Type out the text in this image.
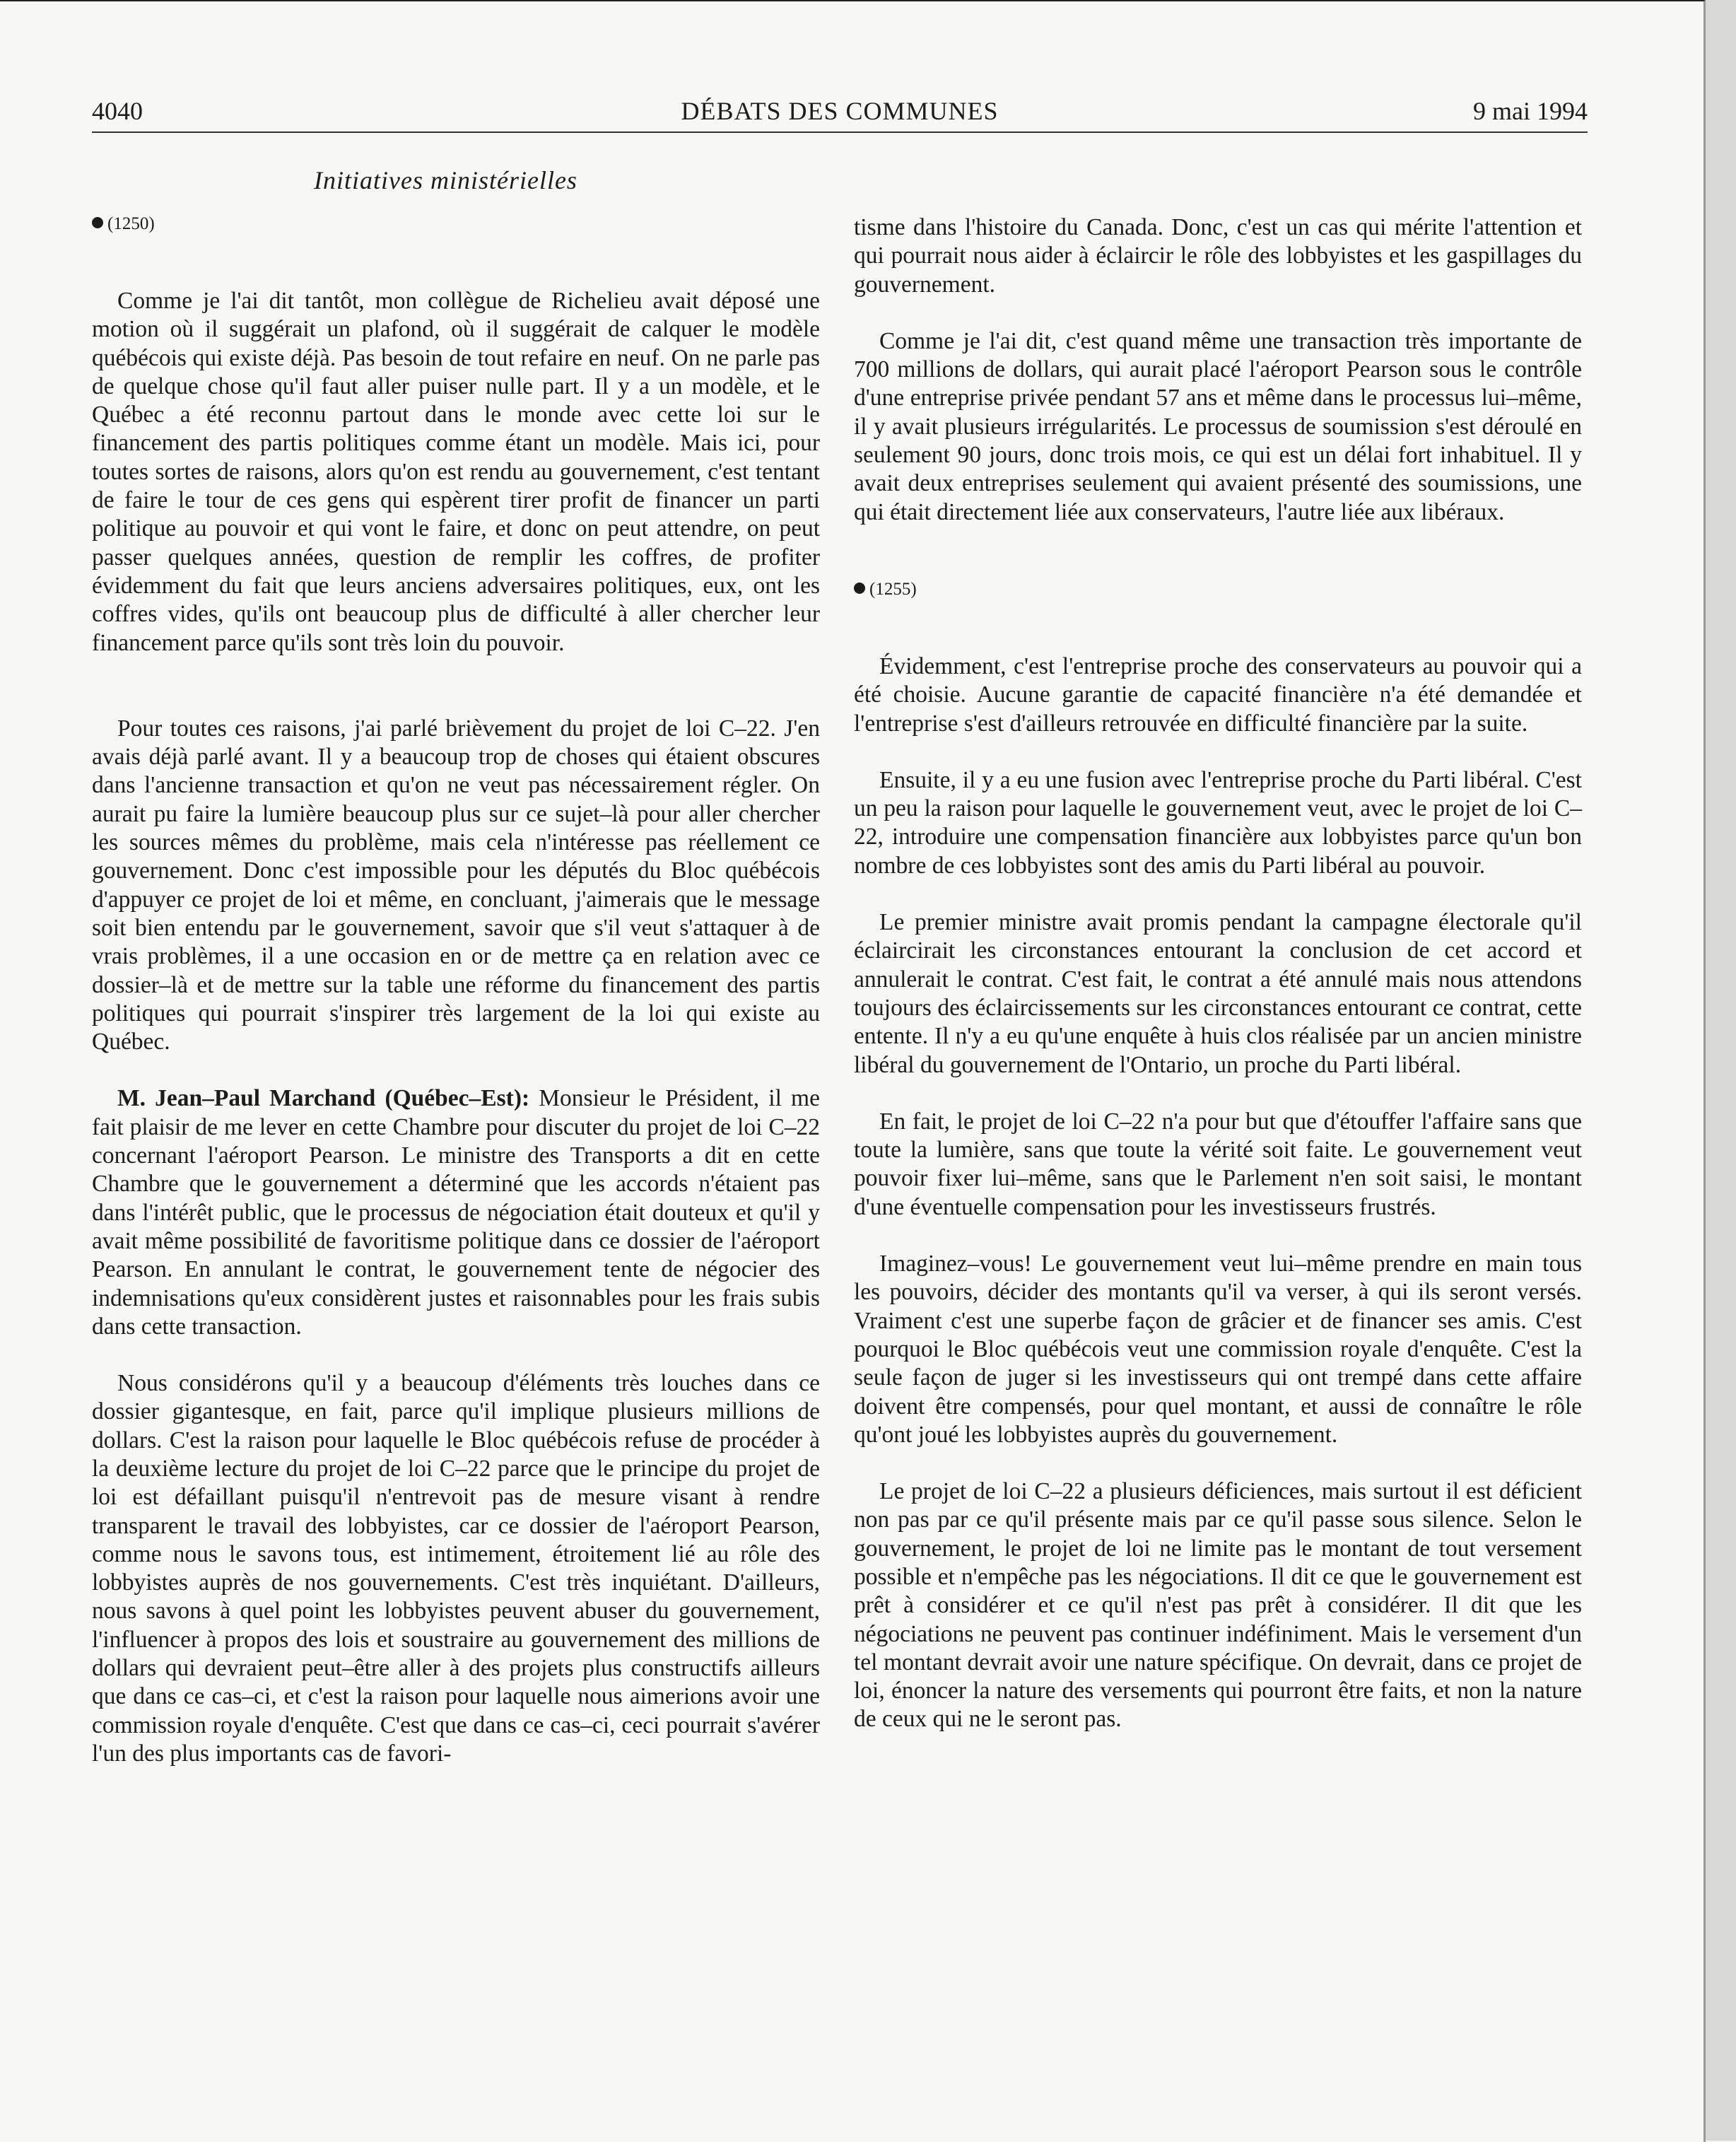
4040	DÉBATS DES COMMUNES	9 mai 1994
Initiatives ministérielles
(1250)

Comme je l'ai dit tantôt, mon collègue de Richelieu avait déposé une motion où il suggérait un plafond, où il suggérait de calquer le modèle québécois qui existe déjà. Pas besoin de tout refaire en neuf. On ne parle pas de quelque chose qu'il faut aller puiser nulle part. Il y a un modèle, et le Québec a été reconnu partout dans le monde avec cette loi sur le financement des partis politiques comme étant un modèle. Mais ici, pour toutes sortes de raisons, alors qu'on est rendu au gouvernement, c'est tentant de faire le tour de ces gens qui espèrent tirer profit de financer un parti politique au pouvoir et qui vont le faire, et donc on peut attendre, on peut passer quelques années, question de remplir les coffres, de profiter évidemment du fait que leurs anciens adversaires politiques, eux, ont les coffres vides, qu'ils ont beaucoup plus de difficulté à aller chercher leur financement parce qu'ils sont très loin du pouvoir.

Pour toutes ces raisons, j'ai parlé brièvement du projet de loi C–22. J'en avais déjà parlé avant. Il y a beaucoup trop de choses qui étaient obscures dans l'ancienne transaction et qu'on ne veut pas nécessairement régler. On aurait pu faire la lumière beaucoup plus sur ce sujet–là pour aller chercher les sources mêmes du problème, mais cela n'intéresse pas réellement ce gouvernement. Donc c'est impossible pour les députés du Bloc québécois d'appuyer ce projet de loi et même, en concluant, j'aimerais que le message soit bien entendu par le gouvernement, savoir que s'il veut s'attaquer à de vrais problèmes, il a une occasion en or de mettre ça en relation avec ce dossier–là et de mettre sur la table une réforme du financement des partis politiques qui pourrait s'inspirer très largement de la loi qui existe au Québec.

M. Jean–Paul Marchand (Québec–Est): Monsieur le Président, il me fait plaisir de me lever en cette Chambre pour discuter du projet de loi C–22 concernant l'aéroport Pearson. Le ministre des Transports a dit en cette Chambre que le gouvernement a déterminé que les accords n'étaient pas dans l'intérêt public, que le processus de négociation était douteux et qu'il y avait même possibilité de favoritisme politique dans ce dossier de l'aéroport Pearson. En annulant le contrat, le gouvernement tente de négocier des indemnisations qu'eux considèrent justes et raisonnables pour les frais subis dans cette transaction.

Nous considérons qu'il y a beaucoup d'éléments très louches dans ce dossier gigantesque, en fait, parce qu'il implique plusieurs millions de dollars. C'est la raison pour laquelle le Bloc québécois refuse de procéder à la deuxième lecture du projet de loi C–22 parce que le principe du projet de loi est défaillant puisqu'il n'entrevoit pas de mesure visant à rendre transparent le travail des lobbyistes, car ce dossier de l'aéroport Pearson, comme nous le savons tous, est intimement, étroitement lié au rôle des lobbyistes auprès de nos gouvernements. C'est très inquiétant. D'ailleurs, nous savons à quel point les lobbyistes peuvent abuser du gouvernement, l'influencer à propos des lois et soustraire au gouvernement des millions de dollars qui devraient peut–être aller à des projets plus constructifs ailleurs que dans ce cas–ci, et c'est la raison pour laquelle nous aimerions avoir une commission royale d'enquête. C'est que dans ce cas–ci, ceci pourrait s'avérer l'un des plus importants cas de favori-

tisme dans l'histoire du Canada. Donc, c'est un cas qui mérite l'attention et qui pourrait nous aider à éclaircir le rôle des lobbyistes et les gaspillages du gouvernement.

Comme je l'ai dit, c'est quand même une transaction très importante de 700 millions de dollars, qui aurait placé l'aéroport Pearson sous le contrôle d'une entreprise privée pendant 57 ans et même dans le processus lui–même, il y avait plusieurs irrégularités. Le processus de soumission s'est déroulé en seulement 90 jours, donc trois mois, ce qui est un délai fort inhabituel. Il y avait deux entreprises seulement qui avaient présenté des soumissions, une qui était directement liée aux conservateurs, l'autre liée aux libéraux.

(1255)

Évidemment, c'est l'entreprise proche des conservateurs au pouvoir qui a été choisie. Aucune garantie de capacité financière n'a été demandée et l'entreprise s'est d'ailleurs retrouvée en difficulté financière par la suite.

Ensuite, il y a eu une fusion avec l'entreprise proche du Parti libéral. C'est un peu la raison pour laquelle le gouvernement veut, avec le projet de loi C–22, introduire une compensation financière aux lobbyistes parce qu'un bon nombre de ces lobbyistes sont des amis du Parti libéral au pouvoir.

Le premier ministre avait promis pendant la campagne électorale qu'il éclaircirait les circonstances entourant la conclusion de cet accord et annulerait le contrat. C'est fait, le contrat a été annulé mais nous attendons toujours des éclaircissements sur les circonstances entourant ce contrat, cette entente. Il n'y a eu qu'une enquête à huis clos réalisée par un ancien ministre libéral du gouvernement de l'Ontario, un proche du Parti libéral.

En fait, le projet de loi C–22 n'a pour but que d'étouffer l'affaire sans que toute la lumière, sans que toute la vérité soit faite. Le gouvernement veut pouvoir fixer lui–même, sans que le Parlement n'en soit saisi, le montant d'une éventuelle compensation pour les investisseurs frustrés.

Imaginez–vous! Le gouvernement veut lui–même prendre en main tous les pouvoirs, décider des montants qu'il va verser, à qui ils seront versés. Vraiment c'est une superbe façon de grâcier et de financer ses amis. C'est pourquoi le Bloc québécois veut une commission royale d'enquête. C'est la seule façon de juger si les investisseurs qui ont trempé dans cette affaire doivent être compensés, pour quel montant, et aussi de connaître le rôle qu'ont joué les lobbyistes auprès du gouvernement.

Le projet de loi C–22 a plusieurs déficiences, mais surtout il est déficient non pas par ce qu'il présente mais par ce qu'il passe sous silence. Selon le gouvernement, le projet de loi ne limite pas le montant de tout versement possible et n'empêche pas les négociations. Il dit ce que le gouvernement est prêt à considérer et ce qu'il n'est pas prêt à considérer. Il dit que les négociations ne peuvent pas continuer indéfiniment. Mais le versement d'un tel montant devrait avoir une nature spécifique. On devrait, dans ce projet de loi, énoncer la nature des versements qui pourront être faits, et non la nature de ceux qui ne le seront pas.
